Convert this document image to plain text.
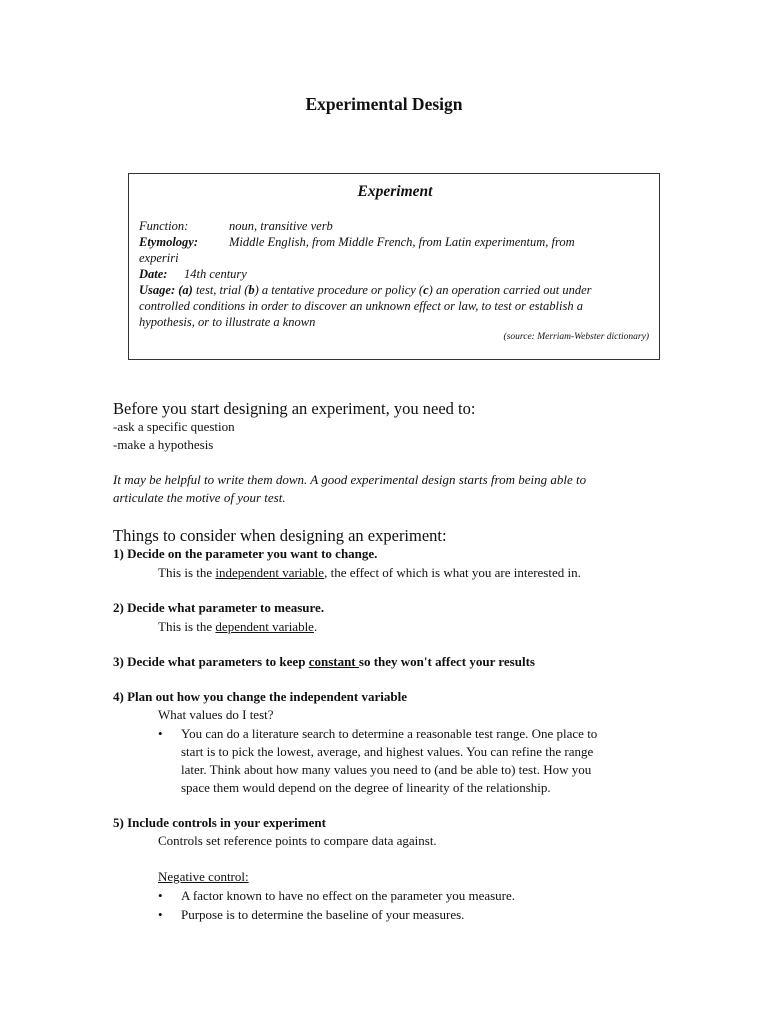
Experimental Design
Experiment
Function:	noun, transitive verb
Etymology: Middle English, from Middle French, from Latin experimentum, from
experiri
Date: 14th century
Usage: (a) test, trial (b) a tentative procedure or policy (c) an operation carried out under
controlled conditions in order to discover an unknown effect or law, to test or establish a
hypothesis, or to illustrate a known
(source: Merriam-Webster dictionary)
Before you start designing an experiment, you need to:
-ask a specific question
-make a hypothesis
It may be helpful to write them down. A good experimental design starts from being able to
articulate the motive of your test.
Things to consider when designing an experiment:
1) Decide on the parameter you want to change.
This is the independent variable, the effect of which is what you are interested in.
2) Decide what parameter to measure.
This is the dependent variable.
3) Decide what parameters to keep constant so they won't affect your results
4) Plan out how you change the independent variable
What values do I test?
• You can do a literature search to determine a reasonable test range. One place to
start is to pick the lowest, average, and highest values. You can refine the range
later. Think about how many values you need to (and be able to) test. How you
space them would depend on the degree of linearity of the relationship.
5) Include controls in your experiment
Controls set reference points to compare data against.
Negative control:
• A factor known to have no effect on the parameter you measure.
• Purpose is to determine the baseline of your measures.
